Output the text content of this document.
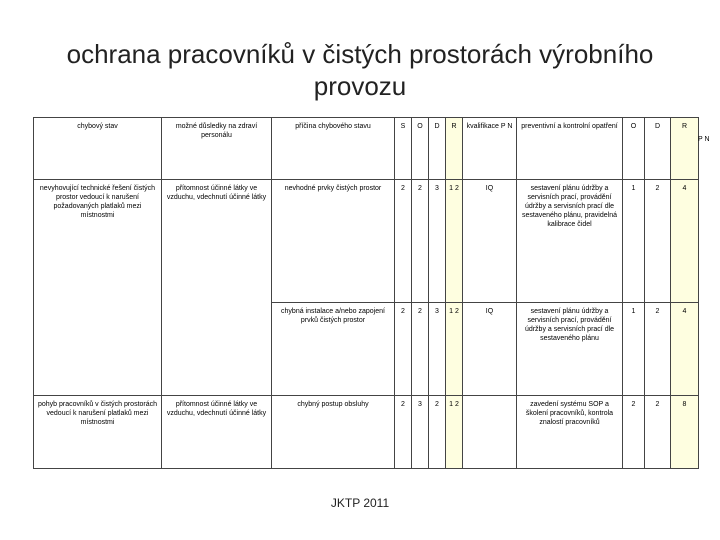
ochrana pracovníků v čistých prostorách výrobního provozu
chybový stav	možné důsledky na zdraví personálu	příčina chybového stavu	S	O	D	R	kvalifikace P N	preventivní a kontrolní opatření	O	D	R
nevyhovující technické řešení čistých prostor vedoucí k narušení požadovaných platlaků mezi místnostmi	přítomnost účinné látky ve vzduchu, vdechnutí účinné látky	nevhodné prvky čistých prostor	2	2	3	1 2	IQ	sestavení plánu údržby a servisních prací, provádění údržby a servisních prací dle sestaveného plánu, pravidelná kalibrace čidel	1	2	4
		chybná instalace a/nebo zapojení prvků čistých prostor	2	2	3	1 2	IQ	sestavení plánu údržby a servisních prací, provádění údržby a servisních prací dle sestaveného plánu	1	2	4
pohyb pracovníků v čistých prostorách vedoucí k narušení platlaků mezi místnostmi	přítomnost účinné látky ve vzduchu, vdechnutí účinné látky	chybný postup obsluhy	2	3	2	1 2		zavedení systému SOP a školení pracovníků, kontrola znalostí pracovníků	2	2	8
P N
JKTP 2011
